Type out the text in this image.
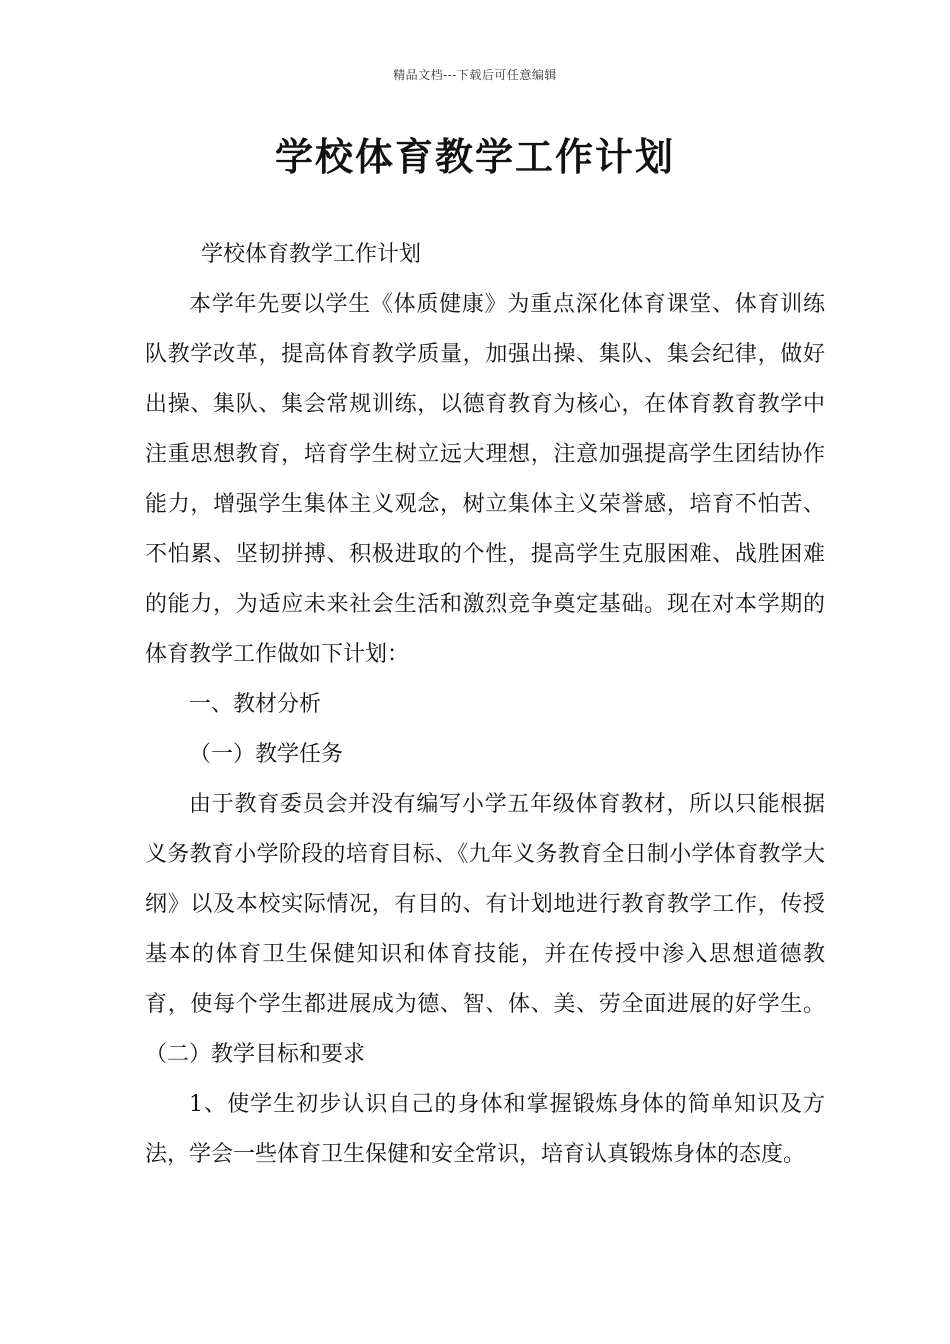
精品文档---下载后可任意编辑
学校体育教学工作计划

学校体育教学工作计划

本学年先要以学生《体质健康》为重点深化体育课堂、体育训练队教学改革，提高体育教学质量，加强出操、集队、集会纪律，做好出操、集队、集会常规训练，以德育教育为核心，在体育教育教学中注重思想教育，培育学生树立远大理想，注意加强提高学生团结协作能力，增强学生集体主义观念，树立集体主义荣誉感，培育不怕苦、不怕累、坚韧拼搏、积极进取的个性，提高学生克服困难、战胜困难的能力，为适应未来社会生活和激烈竞争奠定基础。现在对本学期的体育教学工作做如下计划：

一、教材分析

（一）教学任务

由于教育委员会并没有编写小学五年级体育教材，所以只能根据义务教育小学阶段的培育目标、《九年义务教育全日制小学体育教学大纲》以及本校实际情况，有目的、有计划地进行教育教学工作，传授基本的体育卫生保健知识和体育技能，并在传授中渗入思想道德教育，使每个学生都进展成为德、智、体、美、劳全面进展的好学生。（二）教学目标和要求

1、使学生初步认识自己的身体和掌握锻炼身体的简单知识及方法，学会一些体育卫生保健和安全常识，培育认真锻炼身体的态度。
